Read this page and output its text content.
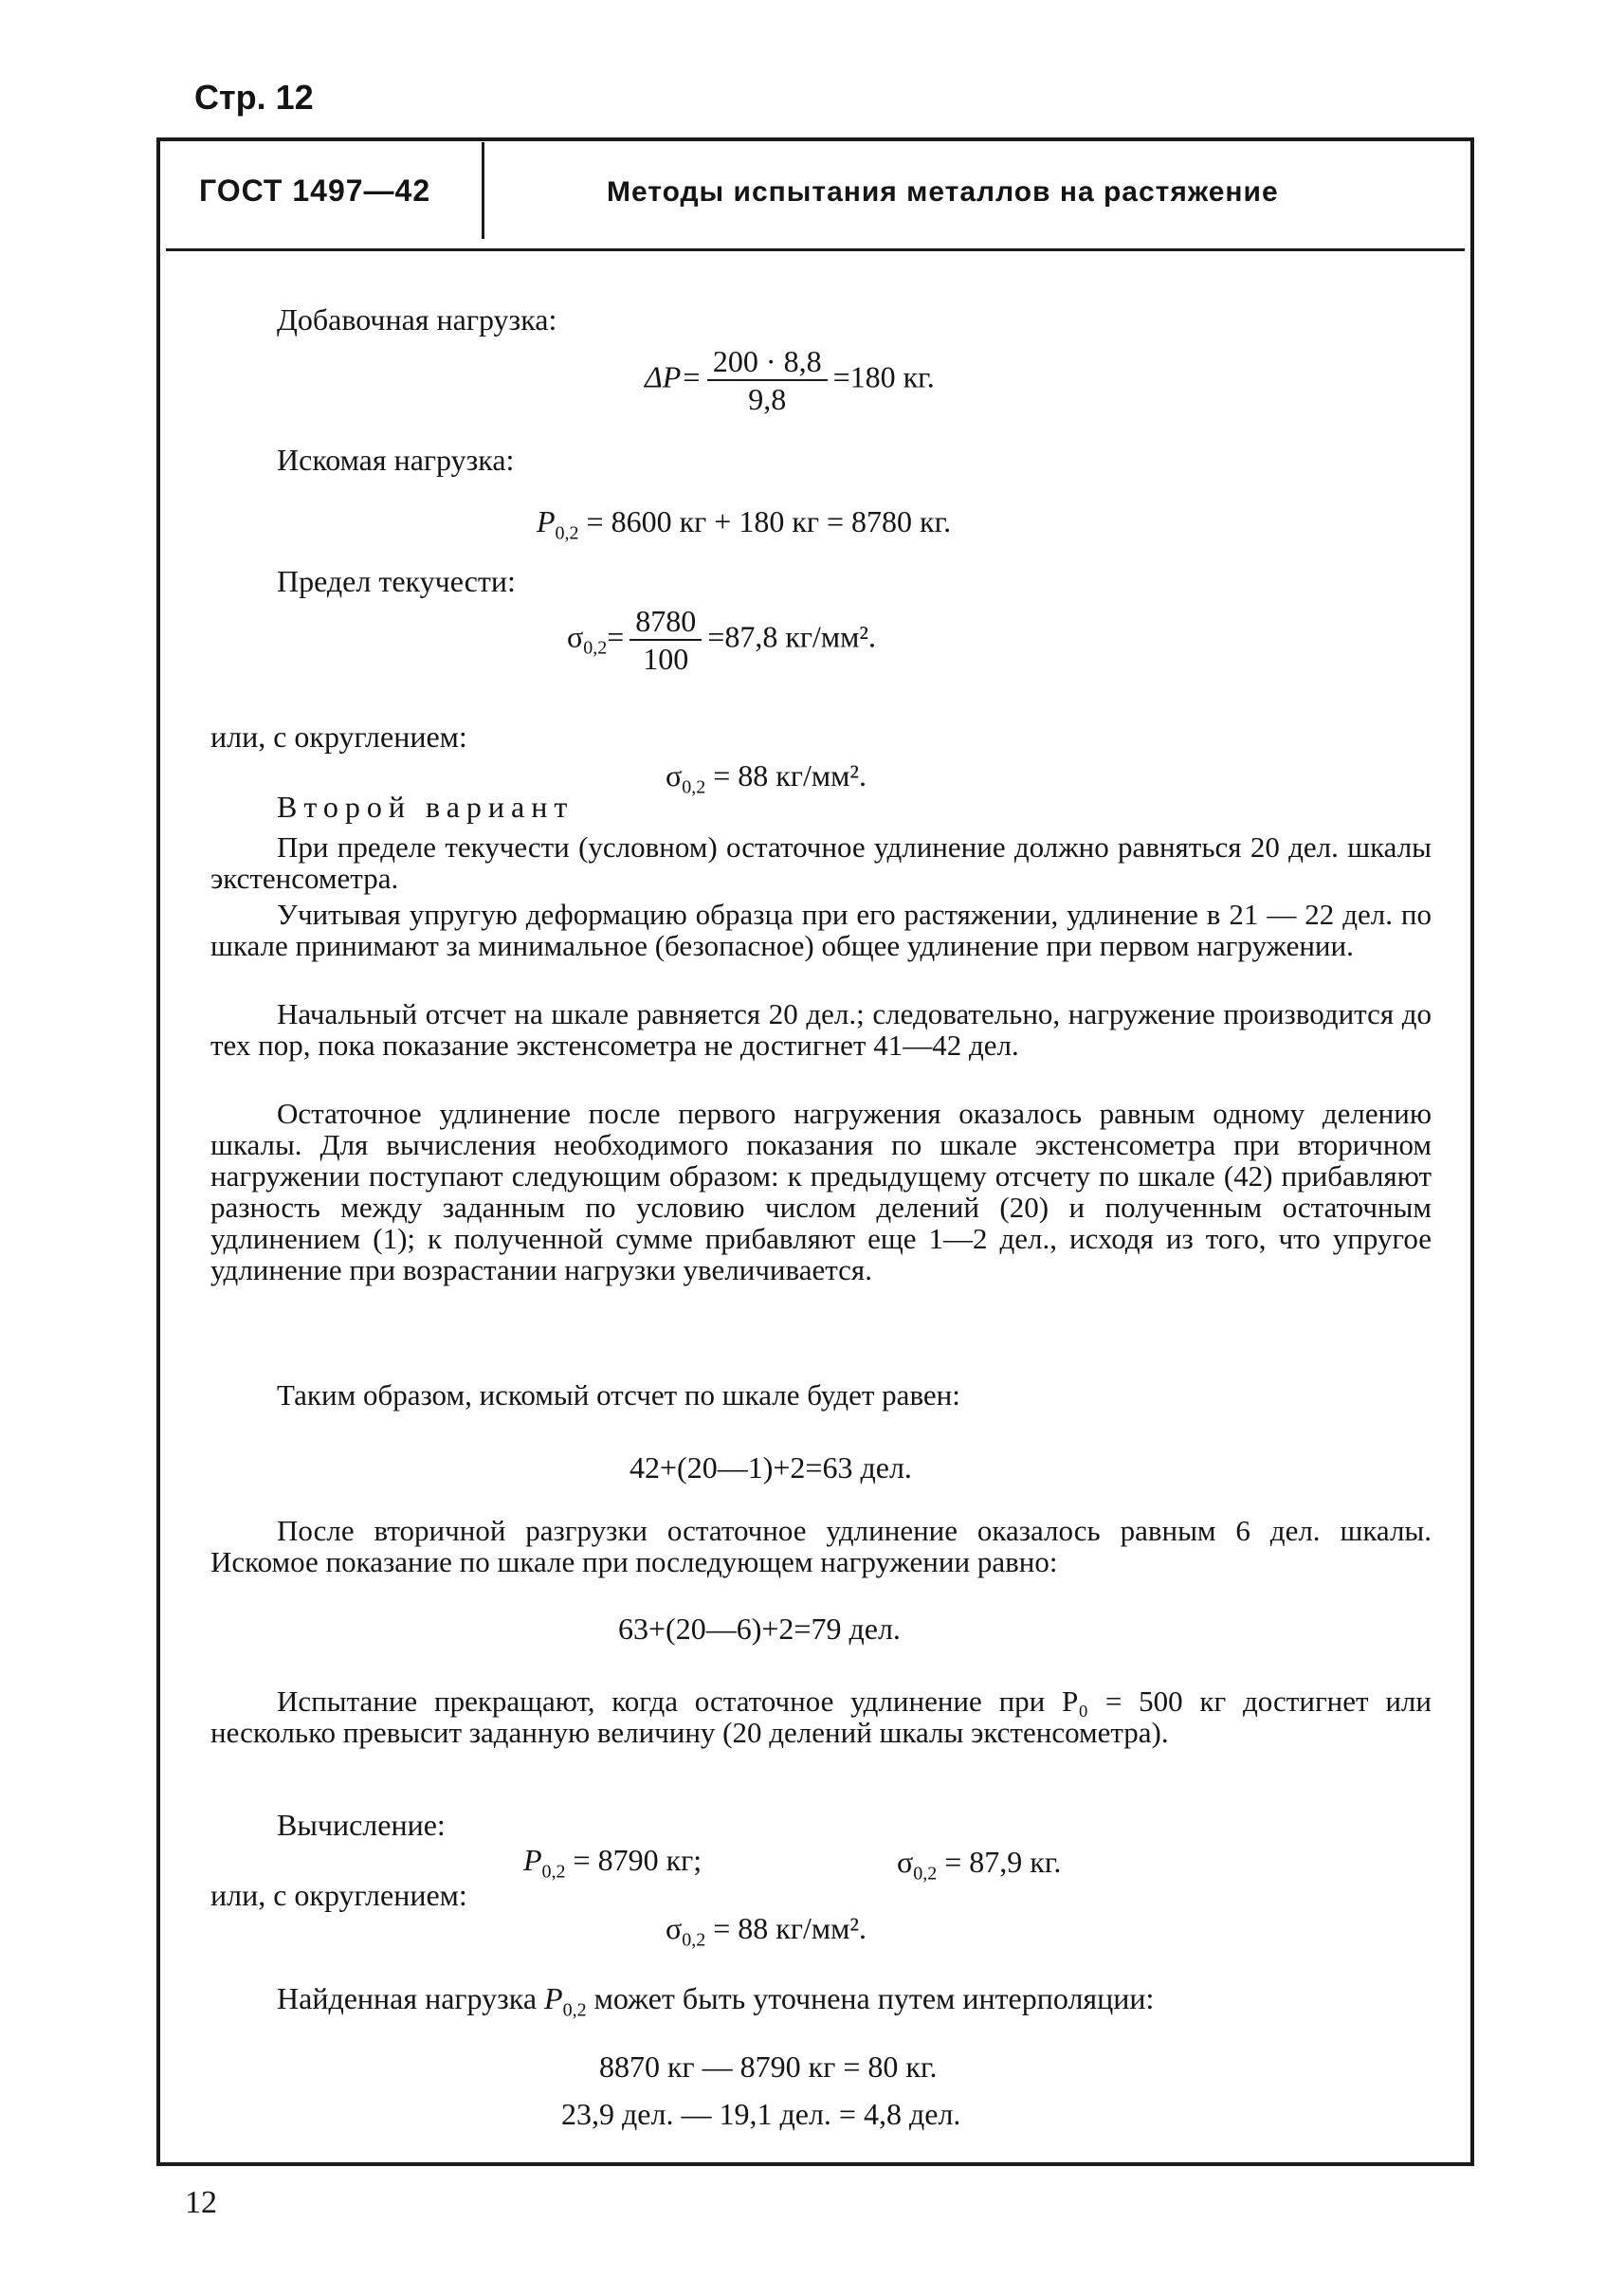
Стр. 12
ГОСТ 1497—42	Методы испытания металлов на растяжение
Добавочная нагрузка:
$\Delta P= \frac{200 \cdot 8,8}{9,8} =180$ кг.
Искомая нагрузка:
$P_{0,2} = 8600$ кг + 180 кг = 8780 кг.
Предел текучести:
$\sigma_{0,2}= \frac{8780}{100} =87,8$ кг/мм².
или, с округлением:
$\sigma_{0,2} = 88$ кг/мм².
Второй вариант
При пределе текучести (условном) остаточное удлинение должно равняться 20 дел. шкалы экстенсометра.
Учитывая упругую деформацию образца при его растяжении, удлинение в 21 — 22 дел. по шкале принимают за минимальное (безопасное) общее удлинение при первом нагружении.
Начальный отсчет на шкале равняется 20 дел.; следовательно, нагружение производится до тех пор, пока показание экстенсометра не достигнет 41—42 дел.
Остаточное удлинение после первого нагружения оказалось равным одному делению шкалы. Для вычисления необходимого показания по шкале экстенсометра при вторичном нагружении поступают следующим образом: к предыдущему отсчету по шкале (42) прибавляют разность между заданным по условию числом делений (20) и полученным остаточным удлинением (1); к полученной сумме прибавляют еще 1—2 дел., исходя из того, что упругое удлинение при возрастании нагрузки увеличивается.
Таким образом, искомый отсчет по шкале будет равен:
42+(20—1)+2=63 дел.
После вторичной разгрузки остаточное удлинение оказалось равным 6 дел. шкалы. Искомое показание по шкале при последующем нагружении равно:
63+(20—6)+2=79 дел.
Испытание прекращают, когда остаточное удлинение при P₀ = 500 кг достигнет или несколько превысит заданную величину (20 делений шкалы экстенсометра).
Вычисление:
$P_{0,2} = 8790$ кг;	$\sigma_{0,2} = 87,9$ кг.
или, с округлением:
$\sigma_{0,2} = 88$ кг/мм².
Найденная нагрузка $P_{0,2}$ может быть уточнена путем интерполяции:
8870 кг — 8790 кг = 80 кг.
23,9 дел. — 19,1 дел. = 4,8 дел.
12
